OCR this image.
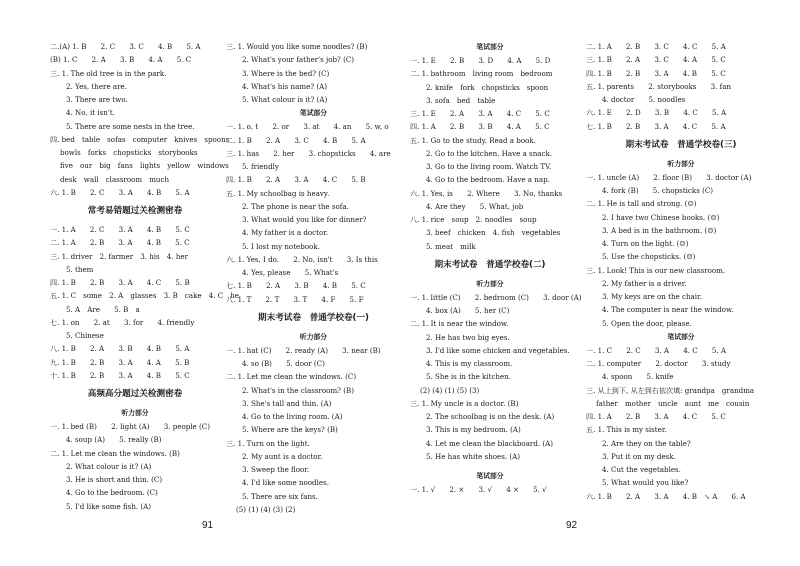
二.(A) 1. B　　2. C　　3. C　　4. B　　5. A
(B) 1. C　　2. A　　3. B　　4. A　　5. C
三. 1. The old tree is in the park.
2. Yes, there are.
3. There are two.
4. No, it isn't.
5. There are some nests in the tree.
四. bed　table　sofas　computer　knives　spoons
bowls　forks　chopsticks　storybooks
five　our　big　fans　lights　yellow　windows
desk　wall　classroom　much
六. 1. B　　2. C　　3. A　　4. B　　5. A
常考易错题过关检测密卷
一. 1. A　　2. C　　3. A　　4. B　　5. C
二. 1. A　　2. B　　3. A　　4. B　　5. C
三. 1. driver　2. farmer　3. his　4. her
5. them
四. 1. B　　2. B　　3. A　　4. C　　5. B
五. 1. C　some　2. A　glasses　3. B　cake　4. C　he
5. A　Are　　5. B　a
七. 1. on　　2. at　　3. for　　4. friendly
5. Chinese
八. 1. B　　2. A　　3. B　　4. B　　5. A
九. 1. B　　2. B　　3. A　　4. A　　5. B
十. 1. B　　2. B　　3. A　　4. B　　5. C
高频高分题过关检测密卷
听力部分
一. 1. bed (B)　　2. light (A)　　3. people (C)
4. soup (A)　　5. really (B)
二. 1. Let me clean the windows. (B)
2. What colour is it? (A)
3. He is short and thin. (C)
4. Go to the bedroom. (C)
5. I'd like some fish. (A)
三. 1. Would you like some noodles? (B)
2. What's your father's job? (C)
3. Where is the bed? (C)
4. What's his name? (A)
5. What colour is it? (A)
笔试部分
一. 1. o, t　　2. or　　3. at　　4. an　　5. w, o
二. 1. B　　2. A　　3. C　　4. B　　5. A
三. 1. has　　2. her　　3. chopsticks　　4. are
5. friendly
四. 1. B　　2. A　　3. A　　4. C　　5. B
五. 1. My schoolbag is heavy.
2. The phone is near the sofa.
3. What would you like for dinner?
4. My father is a doctor.
5. I lost my notebook.
六. 1. Yes, I do.　　2. No, isn't　　3. Is this
4. Yes, please　　5. What's
七. 1. B　　2. A　　3. B　　4. B　　5. C
八. 1. T　　2. T　　3. T　　4. F　　5. F
期末考试卷　普通学校卷(一)
听力部分
一. 1. hat (C)　　2. ready (A)　　3. near (B)
4. so (B)　　5. door (C)
二. 1. Let me clean the windows. (C)
2. What's in the classroom? (B)
3. She's tall and thin. (A)
4. Go to the living room. (A)
5. Where are the keys? (B)
三. 1. Turn on the light.
2. My aunt is a doctor.
3. Sweep the floor.
4. I'd like some noodles.
5. There are six fans.
(5) (1) (4) (3) (2)
笔试部分
一. 1. E　　2. B　　3. D　　4. A　　5. D
二. 1. bathroom　living room　bedroom
2. knife　fork　chopsticks　spoon
3. sofa　bed　table
三. 1. E　　2. A　　3. A　　4. C　　5. C
四. 1. A　　2. B　　3. B　　4. A　　5. C
五. 1. Go to the study. Read a book.
2. Go to the kitchen. Have a snack.
3. Go to the living room. Watch TV.
4. Go to the bedroom. Have a nap.
六. 1. Yes, is　　2. Where　　3. No, thanks
4. Are they　　5. What, job
八. 1. rice　soup　2. noodles　soup
3. beef　chicken　4. fish　vegetables
5. meat　milk
期末考试卷　普通学校卷(二)
听力部分
一. 1. little (C)　　2. bedroom (C)　　3. door (A)
4. box (A)　　5. her (C)
二. 1. It is near the window.
2. He has two big eyes.
3. I'd like some chicken and vegetables.
4. This is my classroom.
5. She is in the kitchen.
(2) (4) (1) (5) (3)
三. 1. My uncle is a doctor. (B)
2. The schoolbag is on the desk. (A)
3. This is my bedroom. (A)
4. Let me clean the blackboard. (A)
5. He has white shoes. (A)
笔试部分
一. 1. √　　2. ×　　3. √　　4 ×　　5. √
二. 1. A　　2. B　　3. C　　4. C　　5. A
三. 1. B　　2. A　　3. C　　4. A　　5. C
四. 1. B　　2. B　　3. A　　4. B　　5. C
五. 1. parents　　2. storybooks　　3. fan
4. doctor　　5. noodles
六. 1. E　　2. D　　3. B　　4. C　　5. A
七. 1. B　　2. B　　3. A　　4. C　　5. A
期末考试卷　普通学校卷(三)
听力部分
一. 1. uncle (A)　　2. floor (B)　　3. doctor (A)
4. fork (B)　　5. chopsticks (C)
二. 1. He is tall and strong. (☺)
2. I have two Chinese books. (☹)
3. A bed is in the bathroom. (☹)
4. Turn on the light. (☺)
5. Use the chopsticks. (☹)
三. 1. Look! This is our new classroom.
2. My father is a driver.
3. My keys are on the chair.
4. The computer is near the window.
5. Open the door, please.
笔试部分
一. 1. C　　2. C　　3. A　　4. C　　5. A
二. 1. computer　　2. doctor　　3. study
4. spoon　　5. knife
三. 从上到下, 从左到右依次填: grandpa　grandma
father　mother　uncle　aunt　me　cousin
四. 1. A　　2. B　　3. A　　4. C　　5. C
五. 1. This is my sister.
2. Are they on the table?
3. Put it on my desk.
4. Cut the vegetables.
5. What would you like?
六. 1. B　　2. A　　3. A　　4. B　↘ A　　6. A
91	92
